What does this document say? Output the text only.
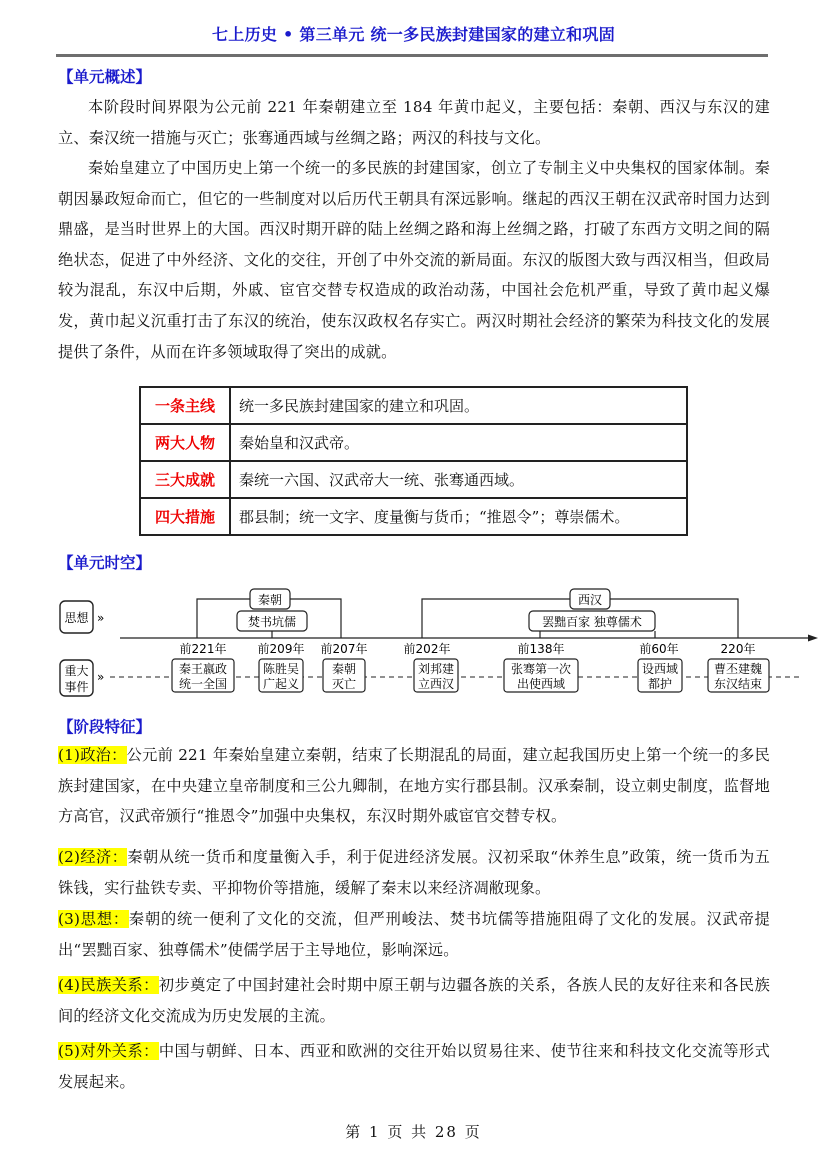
七上历史 • 第三单元 统一多民族封建国家的建立和巩固
【单元概述】

本阶段时间界限为公元前 221 年秦朝建立至 184 年黄巾起义，主要包括：秦朝、西汉与东汉的建立、秦汉统一措施与灭亡；张骞通西域与丝绸之路；两汉的科技与文化。

秦始皇建立了中国历史上第一个统一的多民族的封建国家，创立了专制主义中央集权的国家体制。秦朝因暴政短命而亡，但它的一些制度对以后历代王朝具有深远影响。继起的西汉王朝在汉武帝时国力达到鼎盛，是当时世界上的大国。西汉时期开辟的陆上丝绸之路和海上丝绸之路，打破了东西方文明之间的隔绝状态，促进了中外经济、文化的交往，开创了中外交流的新局面。东汉的版图大致与西汉相当，但政局较为混乱，东汉中后期，外戚、宦官交替专权造成的政治动荡，中国社会危机严重，导致了黄巾起义爆发，黄巾起义沉重打击了东汉的统治，使东汉政权名存实亡。两汉时期社会经济的繁荣为科技文化的发展提供了条件，从而在许多领域取得了突出的成就。

一条主线	统一多民族封建国家的建立和巩固。
两大人物	秦始皇和汉武帝。
三大成就	秦统一六国、汉武帝大一统、张骞通西域。
四大措施	郡县制；统一文字、度量衡与货币；“推恩令”；尊崇儒术。
【单元时空】
思想 »
重大
事件
»
秦朝
焚书坑儒
西汉
罢黜百家 独尊儒术
前221年
秦王嬴政
统一全国
前209年
陈胜吴
广起义
前207年
秦朝
灭亡
前202年
刘邦建
立西汉
前138年
张骞第一次
出使西域
前60年
设西域
都护
220年
曹丕建魏
东汉结束
【阶段特征】

(1)政治：公元前 221 年秦始皇建立秦朝，结束了长期混乱的局面，建立起我国历史上第一个统一的多民族封建国家，在中央建立皇帝制度和三公九卿制，在地方实行郡县制。汉承秦制，设立刺史制度，监督地方高官，汉武帝颁行“推恩令”加强中央集权，东汉时期外戚宦官交替专权。

(2)经济：秦朝从统一货币和度量衡入手，利于促进经济发展。汉初采取“休养生息”政策，统一货币为五铢钱，实行盐铁专卖、平抑物价等措施，缓解了秦末以来经济凋敝现象。

(3)思想：秦朝的统一便利了文化的交流，但严刑峻法、焚书坑儒等措施阻碍了文化的发展。汉武帝提出“罢黜百家、独尊儒术”使儒学居于主导地位，影响深远。

(4)民族关系：初步奠定了中国封建社会时期中原王朝与边疆各族的关系，各族人民的友好往来和各民族间的经济文化交流成为历史发展的主流。

(5)对外关系：中国与朝鲜、日本、西亚和欧洲的交往开始以贸易往来、使节往来和科技文化交流等形式发展起来。

第 1 页 共 28 页
